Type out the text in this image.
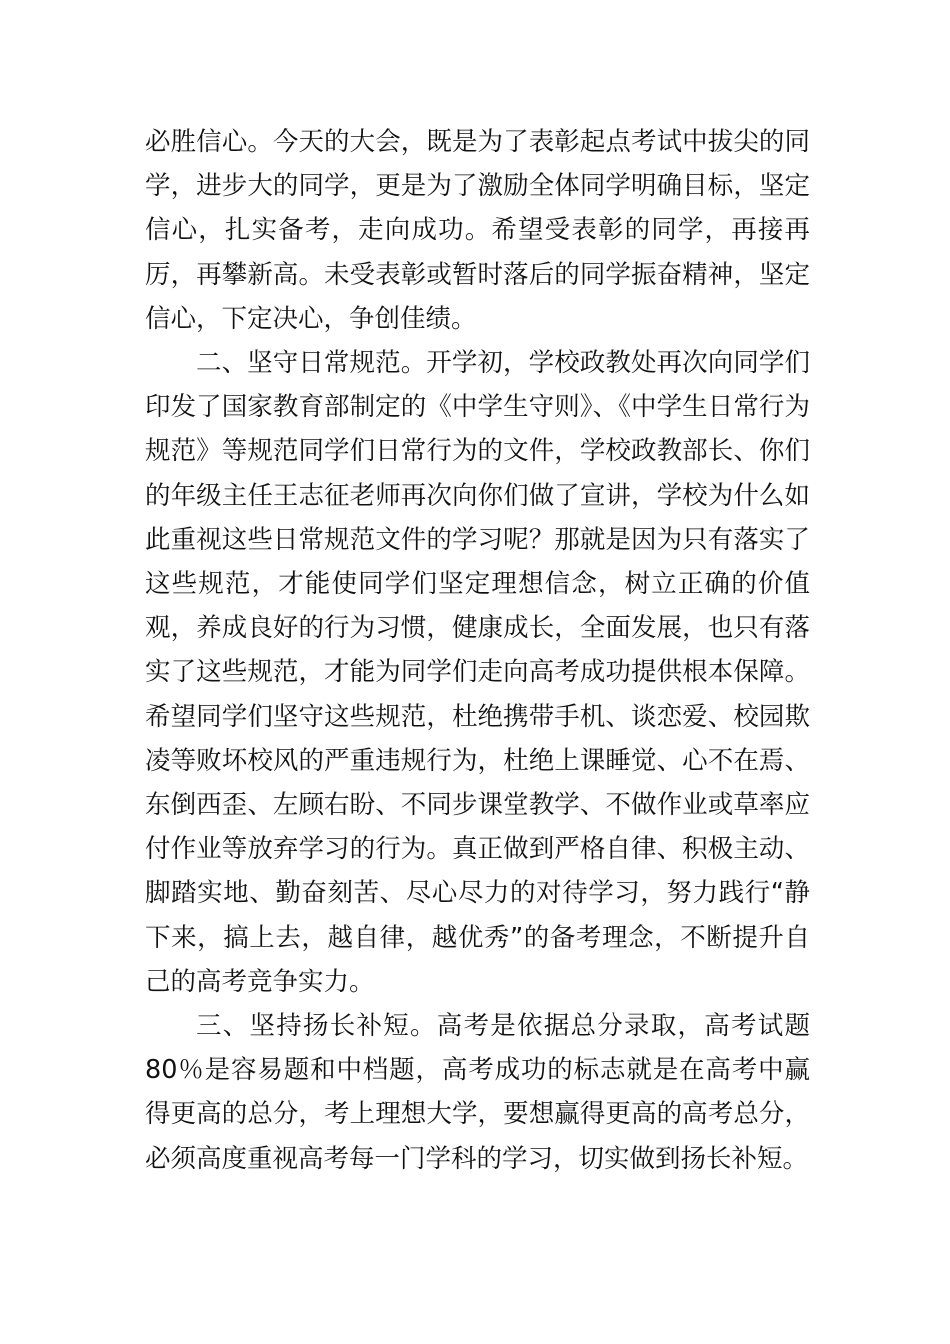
必胜信心。今天的大会，既是为了表彰起点考试中拔尖的同学，进步大的同学，更是为了激励全体同学明确目标，坚定信心，扎实备考，走向成功。希望受表彰的同学，再接再厉，再攀新高。未受表彰或暂时落后的同学振奋精神，坚定信心，下定决心，争创佳绩。

二、坚守日常规范。开学初，学校政教处再次向同学们印发了国家教育部制定的《中学生守则》、《中学生日常行为规范》等规范同学们日常行为的文件，学校政教部长、你们的年级主任王志征老师再次向你们做了宣讲，学校为什么如此重视这些日常规范文件的学习呢？那就是因为只有落实了这些规范，才能使同学们坚定理想信念，树立正确的价值观，养成良好的行为习惯，健康成长，全面发展，也只有落实了这些规范，才能为同学们走向高考成功提供根本保障。希望同学们坚守这些规范，杜绝携带手机、谈恋爱、校园欺凌等败坏校风的严重违规行为，杜绝上课睡觉、心不在焉、东倒西歪、左顾右盼、不同步课堂教学、不做作业或草率应付作业等放弃学习的行为。真正做到严格自律、积极主动、脚踏实地、勤奋刻苦、尽心尽力的对待学习，努力践行“静下来，搞上去，越自律，越优秀”的备考理念，不断提升自己的高考竞争实力。

三、坚持扬长补短。高考是依据总分录取，高考试题80％是容易题和中档题，高考成功的标志就是在高考中赢得更高的总分，考上理想大学，要想赢得更高的高考总分，必须高度重视高考每一门学科的学习，切实做到扬长补短。
